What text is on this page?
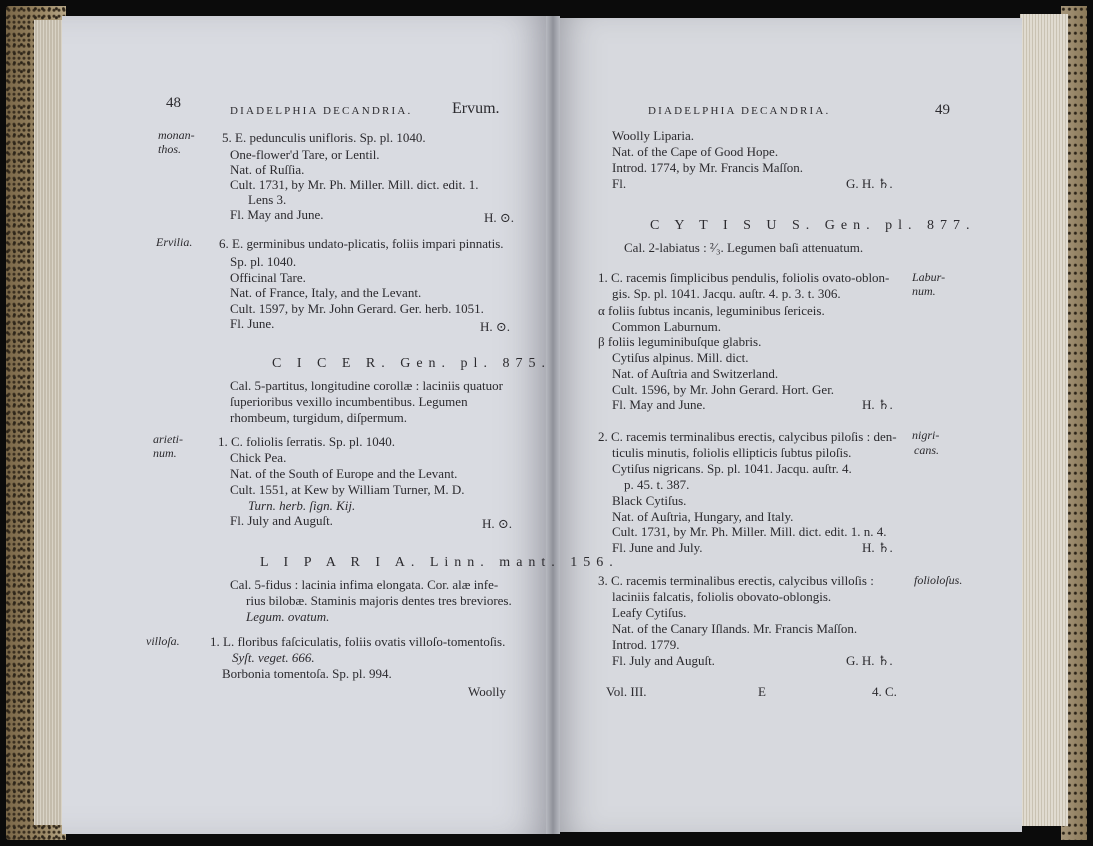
48	DIADELPHIA DECANDRIA. Ervum.
monan- 5. E. pedunculis unifloris. Sp. pl. 1040.
thos.	One-flower'd Tare, or Lentil.
Nat. of Ruſſia.
Cult. 1731, by Mr. Ph. Miller. Mill. dict. edit. 1.
Lens 3.
Fl. May and June.	H. ⊙.
Ervilia. 6. E. germinibus undato-plicatis, foliis impari pinnatis.
Sp. pl. 1040.
Officinal Tare.
Nat. of France, Italy, and the Levant.
Cult. 1597, by Mr. John Gerard. Ger. herb. 1051.
Fl. June.	H. ⊙.
C I C E R. Gen. pl. 875.
Cal. 5-partitus, longitudine corollæ : laciniis quatuor
ſuperioribus vexillo incumbentibus. Legumen
rhombeum, turgidum, diſpermum.
arieti-	1. C. foliolis ſerratis. Sp. pl. 1040.
num.	Chick Pea.
Nat. of the South of Europe and the Levant.
Cult. 1551, at Kew by William Turner, M. D.
Turn. herb. ſign. Kij.
Fl. July and Auguſt.	H. ⊙.
L I P A R I A. Linn. mant. 156.
Cal. 5-fidus : lacinia infima elongata. Cor. alæ infe-
rius bilobæ. Staminis majoris dentes tres breviores.
Legum. ovatum.
villoſa. 1. L. floribus faſciculatis, foliis ovatis villoſo-tomentoſis.
Syſt. veget. 666.
Borbonia tomentoſa. Sp. pl. 994.
Woolly
DIADELPHIA DECANDRIA.	49
Woolly Liparia.
Nat. of the Cape of Good Hope.
Introd. 1774, by Mr. Francis Maſſon.
Fl.	G. H. ♄.
C Y T I S U S. Gen. pl. 877.
Cal. 2-labiatus : ²⁄₃. Legumen baſi attenuatum.
1. C. racemis ſimplicibus pendulis, foliolis ovato-oblon- Labur-
gis. Sp. pl. 1041. Jacqu. auſtr. 4. p. 3. t. 306.	num.
α foliis ſubtus incanis, leguminibus ſericeis.
Common Laburnum.
β foliis leguminibuſque glabris.
Cytiſus alpinus. Mill. dict.
Nat. of Auſtria and Switzerland.
Cult. 1596, by Mr. John Gerard. Hort. Ger.
Fl. May and June.	H. ♄.
2. C. racemis terminalibus erectis, calycibus piloſis : den- nigri-
ticulis minutis, foliolis ellipticis ſubtus piloſis.	cans.
Cytiſus nigricans. Sp. pl. 1041. Jacqu. auſtr. 4.
p. 45. t. 387.
Black Cytiſus.
Nat. of Auſtria, Hungary, and Italy.
Cult. 1731, by Mr. Ph. Miller. Mill. dict. edit. 1. n. 4.
Fl. June and July.	H. ♄.
3. C. racemis terminalibus erectis, calycibus villoſis :	folioloſus.
laciniis falcatis, foliolis obovato-oblongis.
Leafy Cytiſus.
Nat. of the Canary Iſlands. Mr. Francis Maſſon.
Introd. 1779.
Fl. July and Auguſt.	G. H. ♄.
Vol. III.	E	4. C.
